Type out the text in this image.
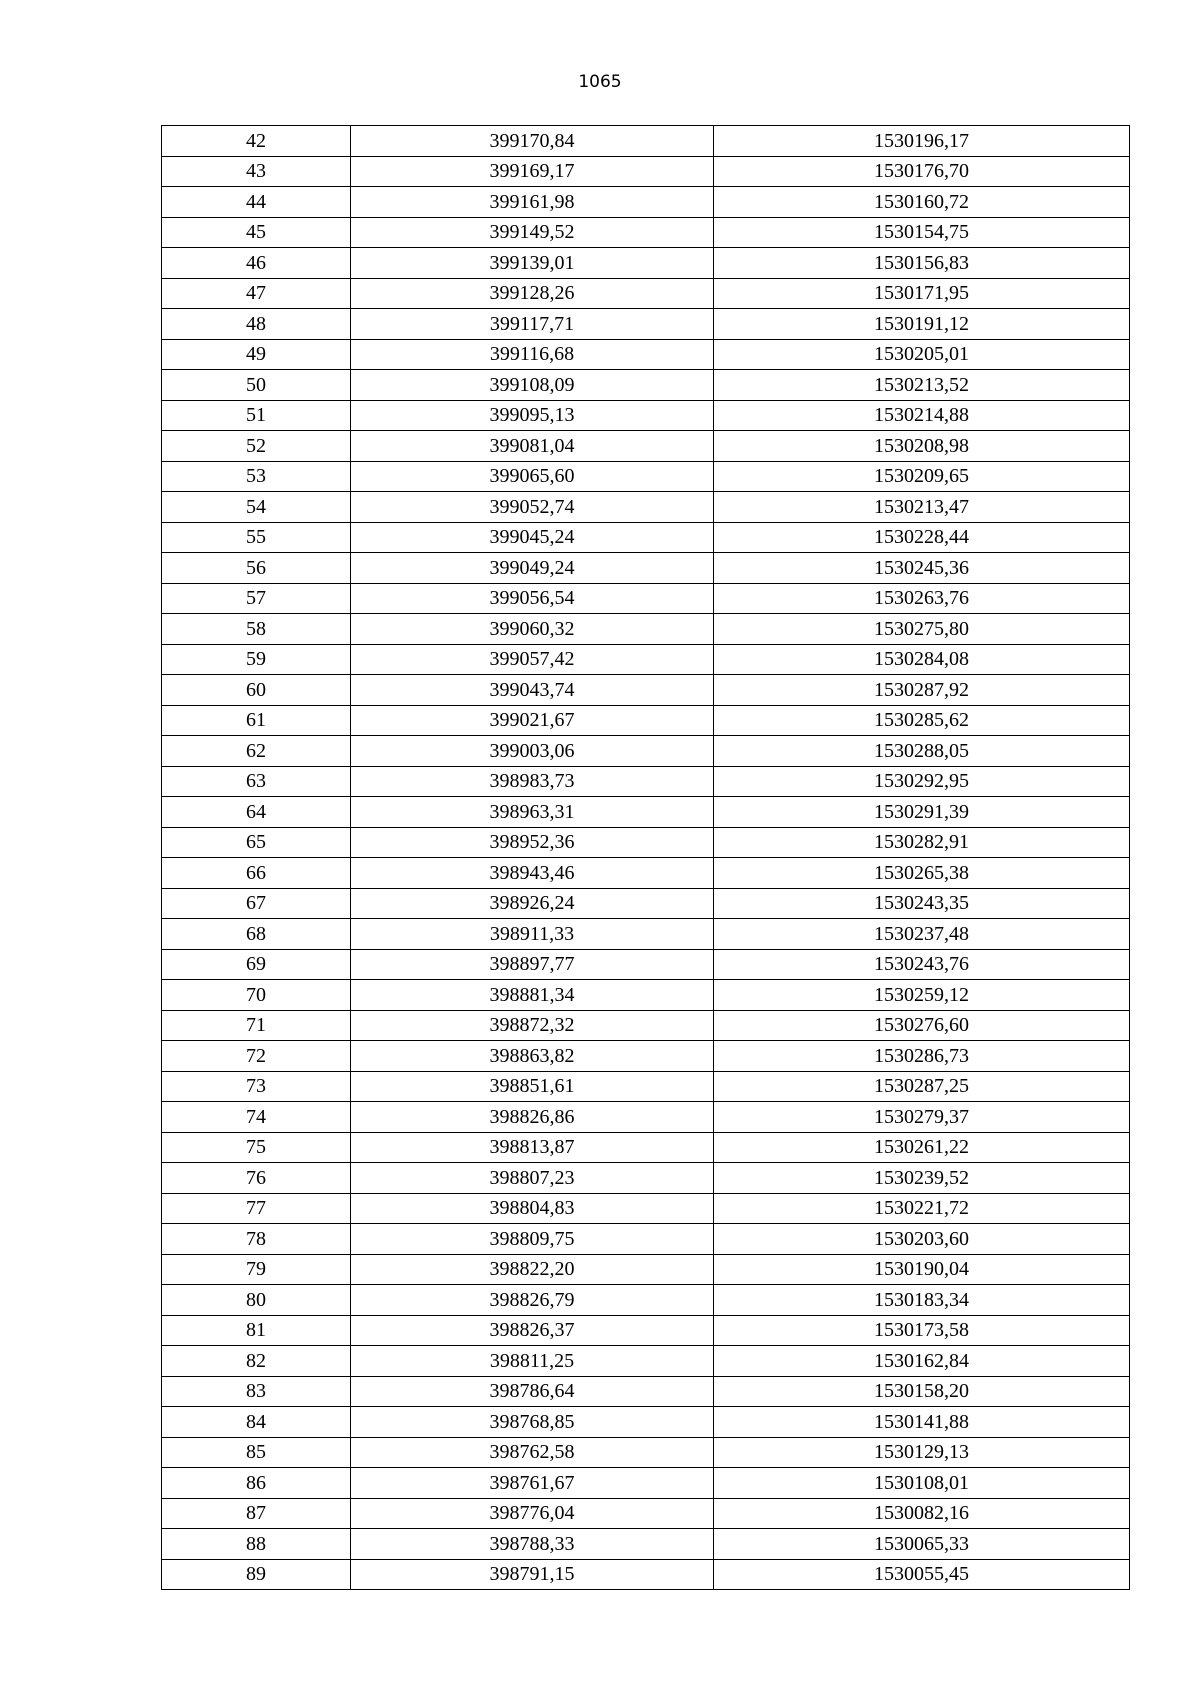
1065
42	399170,84	1530196,17
43	399169,17	1530176,70
44	399161,98	1530160,72
45	399149,52	1530154,75
46	399139,01	1530156,83
47	399128,26	1530171,95
48	399117,71	1530191,12
49	399116,68	1530205,01
50	399108,09	1530213,52
51	399095,13	1530214,88
52	399081,04	1530208,98
53	399065,60	1530209,65
54	399052,74	1530213,47
55	399045,24	1530228,44
56	399049,24	1530245,36
57	399056,54	1530263,76
58	399060,32	1530275,80
59	399057,42	1530284,08
60	399043,74	1530287,92
61	399021,67	1530285,62
62	399003,06	1530288,05
63	398983,73	1530292,95
64	398963,31	1530291,39
65	398952,36	1530282,91
66	398943,46	1530265,38
67	398926,24	1530243,35
68	398911,33	1530237,48
69	398897,77	1530243,76
70	398881,34	1530259,12
71	398872,32	1530276,60
72	398863,82	1530286,73
73	398851,61	1530287,25
74	398826,86	1530279,37
75	398813,87	1530261,22
76	398807,23	1530239,52
77	398804,83	1530221,72
78	398809,75	1530203,60
79	398822,20	1530190,04
80	398826,79	1530183,34
81	398826,37	1530173,58
82	398811,25	1530162,84
83	398786,64	1530158,20
84	398768,85	1530141,88
85	398762,58	1530129,13
86	398761,67	1530108,01
87	398776,04	1530082,16
88	398788,33	1530065,33
89	398791,15	1530055,45
